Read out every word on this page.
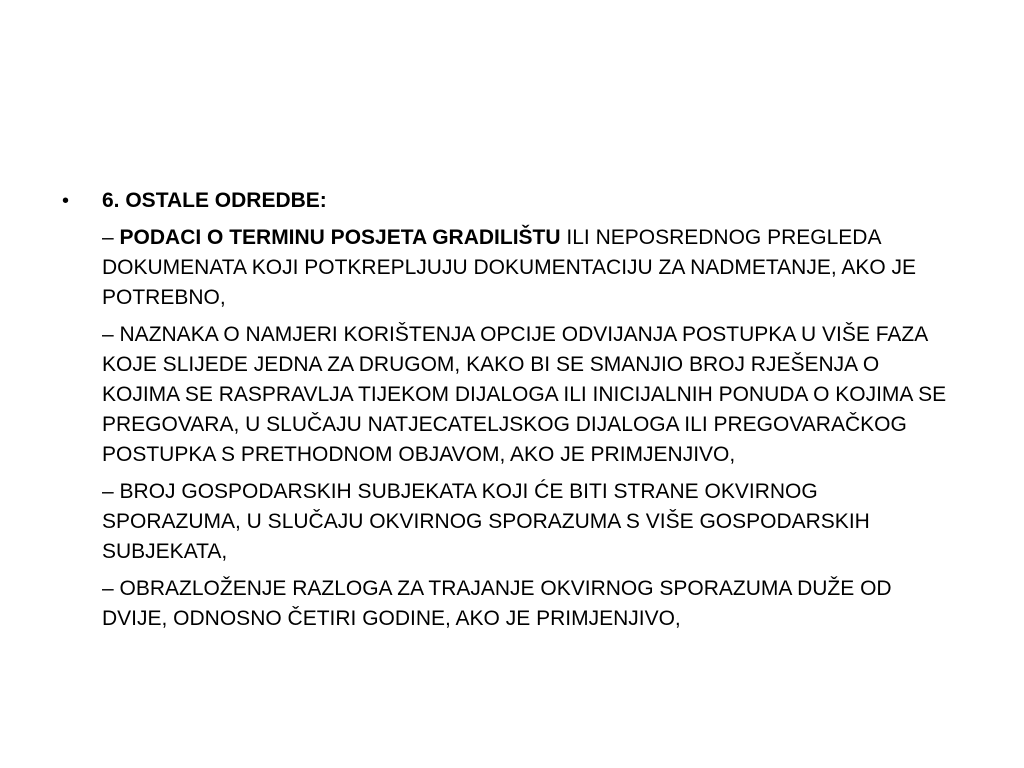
•	6. OSTALE ODREDBE:
– PODACI O TERMINU POSJETA GRADILIŠTU ILI NEPOSREDNOG PREGLEDA DOKUMENATA KOJI POTKREPLJUJU DOKUMENTACIJU ZA NADMETANJE, AKO JE POTREBNO,
– NAZNAKA O NAMJERI KORIŠTENJA OPCIJE ODVIJANJA POSTUPKA U VIŠE FAZA KOJE SLIJEDE JEDNA ZA DRUGOM, KAKO BI SE SMANJIO BROJ RJEŠENJA O KOJIMA SE RASPRAVLJA TIJEKOM DIJALOGA ILI INICIJALNIH PONUDA O KOJIMA SE PREGOVARA, U SLUČAJU NATJECATELJSKOG DIJALOGA ILI PREGOVARAČKOG POSTUPKA S PRETHODNOM OBJAVOM, AKO JE PRIMJENJIVO,
– BROJ GOSPODARSKIH SUBJEKATA KOJI ĆE BITI STRANE OKVIRNOG SPORAZUMA, U SLUČAJU OKVIRNOG SPORAZUMA S VIŠE GOSPODARSKIH SUBJEKATA,
– OBRAZLOŽENJE RAZLOGA ZA TRAJANJE OKVIRNOG SPORAZUMA DUŽE OD DVIJE, ODNOSNO ČETIRI GODINE, AKO JE PRIMJENJIVO,
